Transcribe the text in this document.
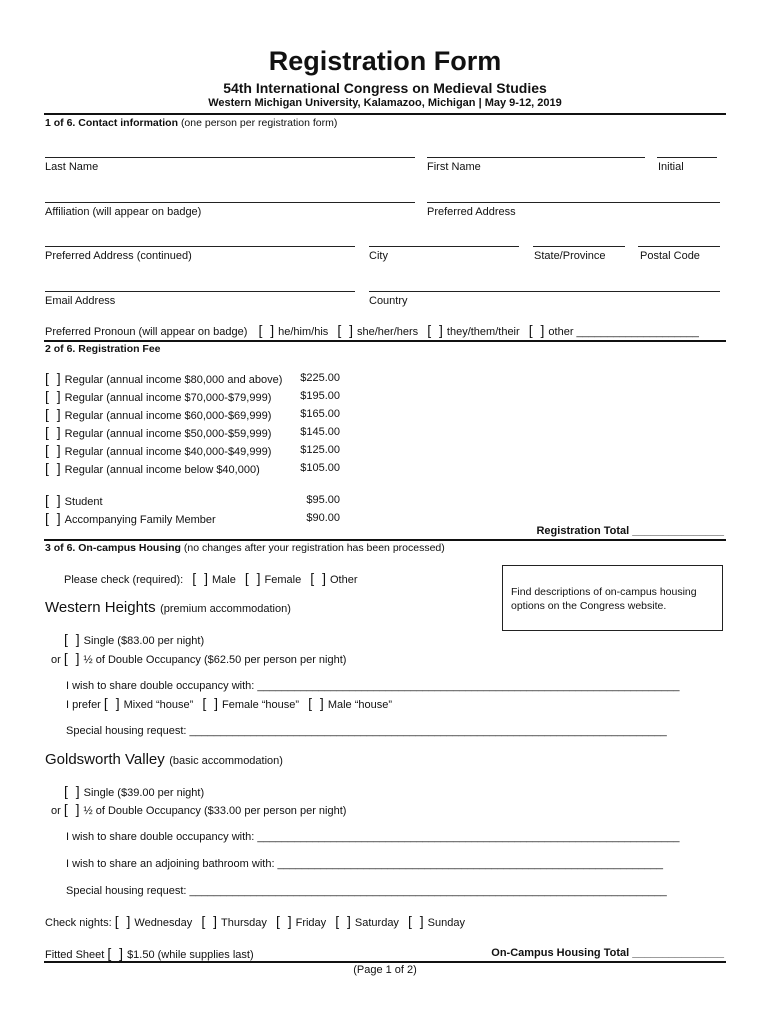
Registration Form
54th International Congress on Medieval Studies
Western Michigan University, Kalamazoo, Michigan | May 9-12, 2019
1 of 6. Contact information (one person per registration form)
Last Name	First Name	Initial
Affiliation (will appear on badge)	Preferred Address
Preferred Address (continued)	City	State/Province	Postal Code
Email Address	Country
Preferred Pronoun (will appear on badge) [ ] he/him/his [ ] she/her/hers [ ] they/them/their [ ] other ____________________
2 of 6. Registration Fee
[ ] Regular (annual income $80,000 and above)	$225.00
[ ] Regular (annual income $70,000-$79,999)	$195.00
[ ] Regular (annual income $60,000-$69,999)	$165.00
[ ] Regular (annual income $50,000-$59,999)	$145.00
[ ] Regular (annual income $40,000-$49,999)	$125.00
[ ] Regular (annual income below $40,000)	$105.00
[ ] Student	$95.00
[ ] Accompanying Family Member	$90.00
Registration Total _______________
3 of 6. On-campus Housing (no changes after your registration has been processed)
Please check (required): [ ] Male [ ] Female [ ] Other
Find descriptions of on-campus housing options on the Congress website.
Western Heights (premium accommodation)
[ ] Single ($83.00 per night)
or [ ] ½ of Double Occupancy ($62.50 per person per night)
I wish to share double occupancy with: _____________________________________________________________________
I prefer [ ] Mixed “house” [ ] Female “house” [ ] Male “house”
Special housing request: ______________________________________________________________________________
Goldsworth Valley (basic accommodation)
[ ] Single ($39.00 per night)
or [ ] ½ of Double Occupancy ($33.00 per person per night)
I wish to share double occupancy with: _____________________________________________________________________
I wish to share an adjoining bathroom with: _______________________________________________________________
Special housing request: ______________________________________________________________________________
Check nights: [ ] Wednesday [ ] Thursday [ ] Friday [ ] Saturday [ ] Sunday
Fitted Sheet [ ] $1.50 (while supplies last)	On-Campus Housing Total _______________
(Page 1 of 2)
